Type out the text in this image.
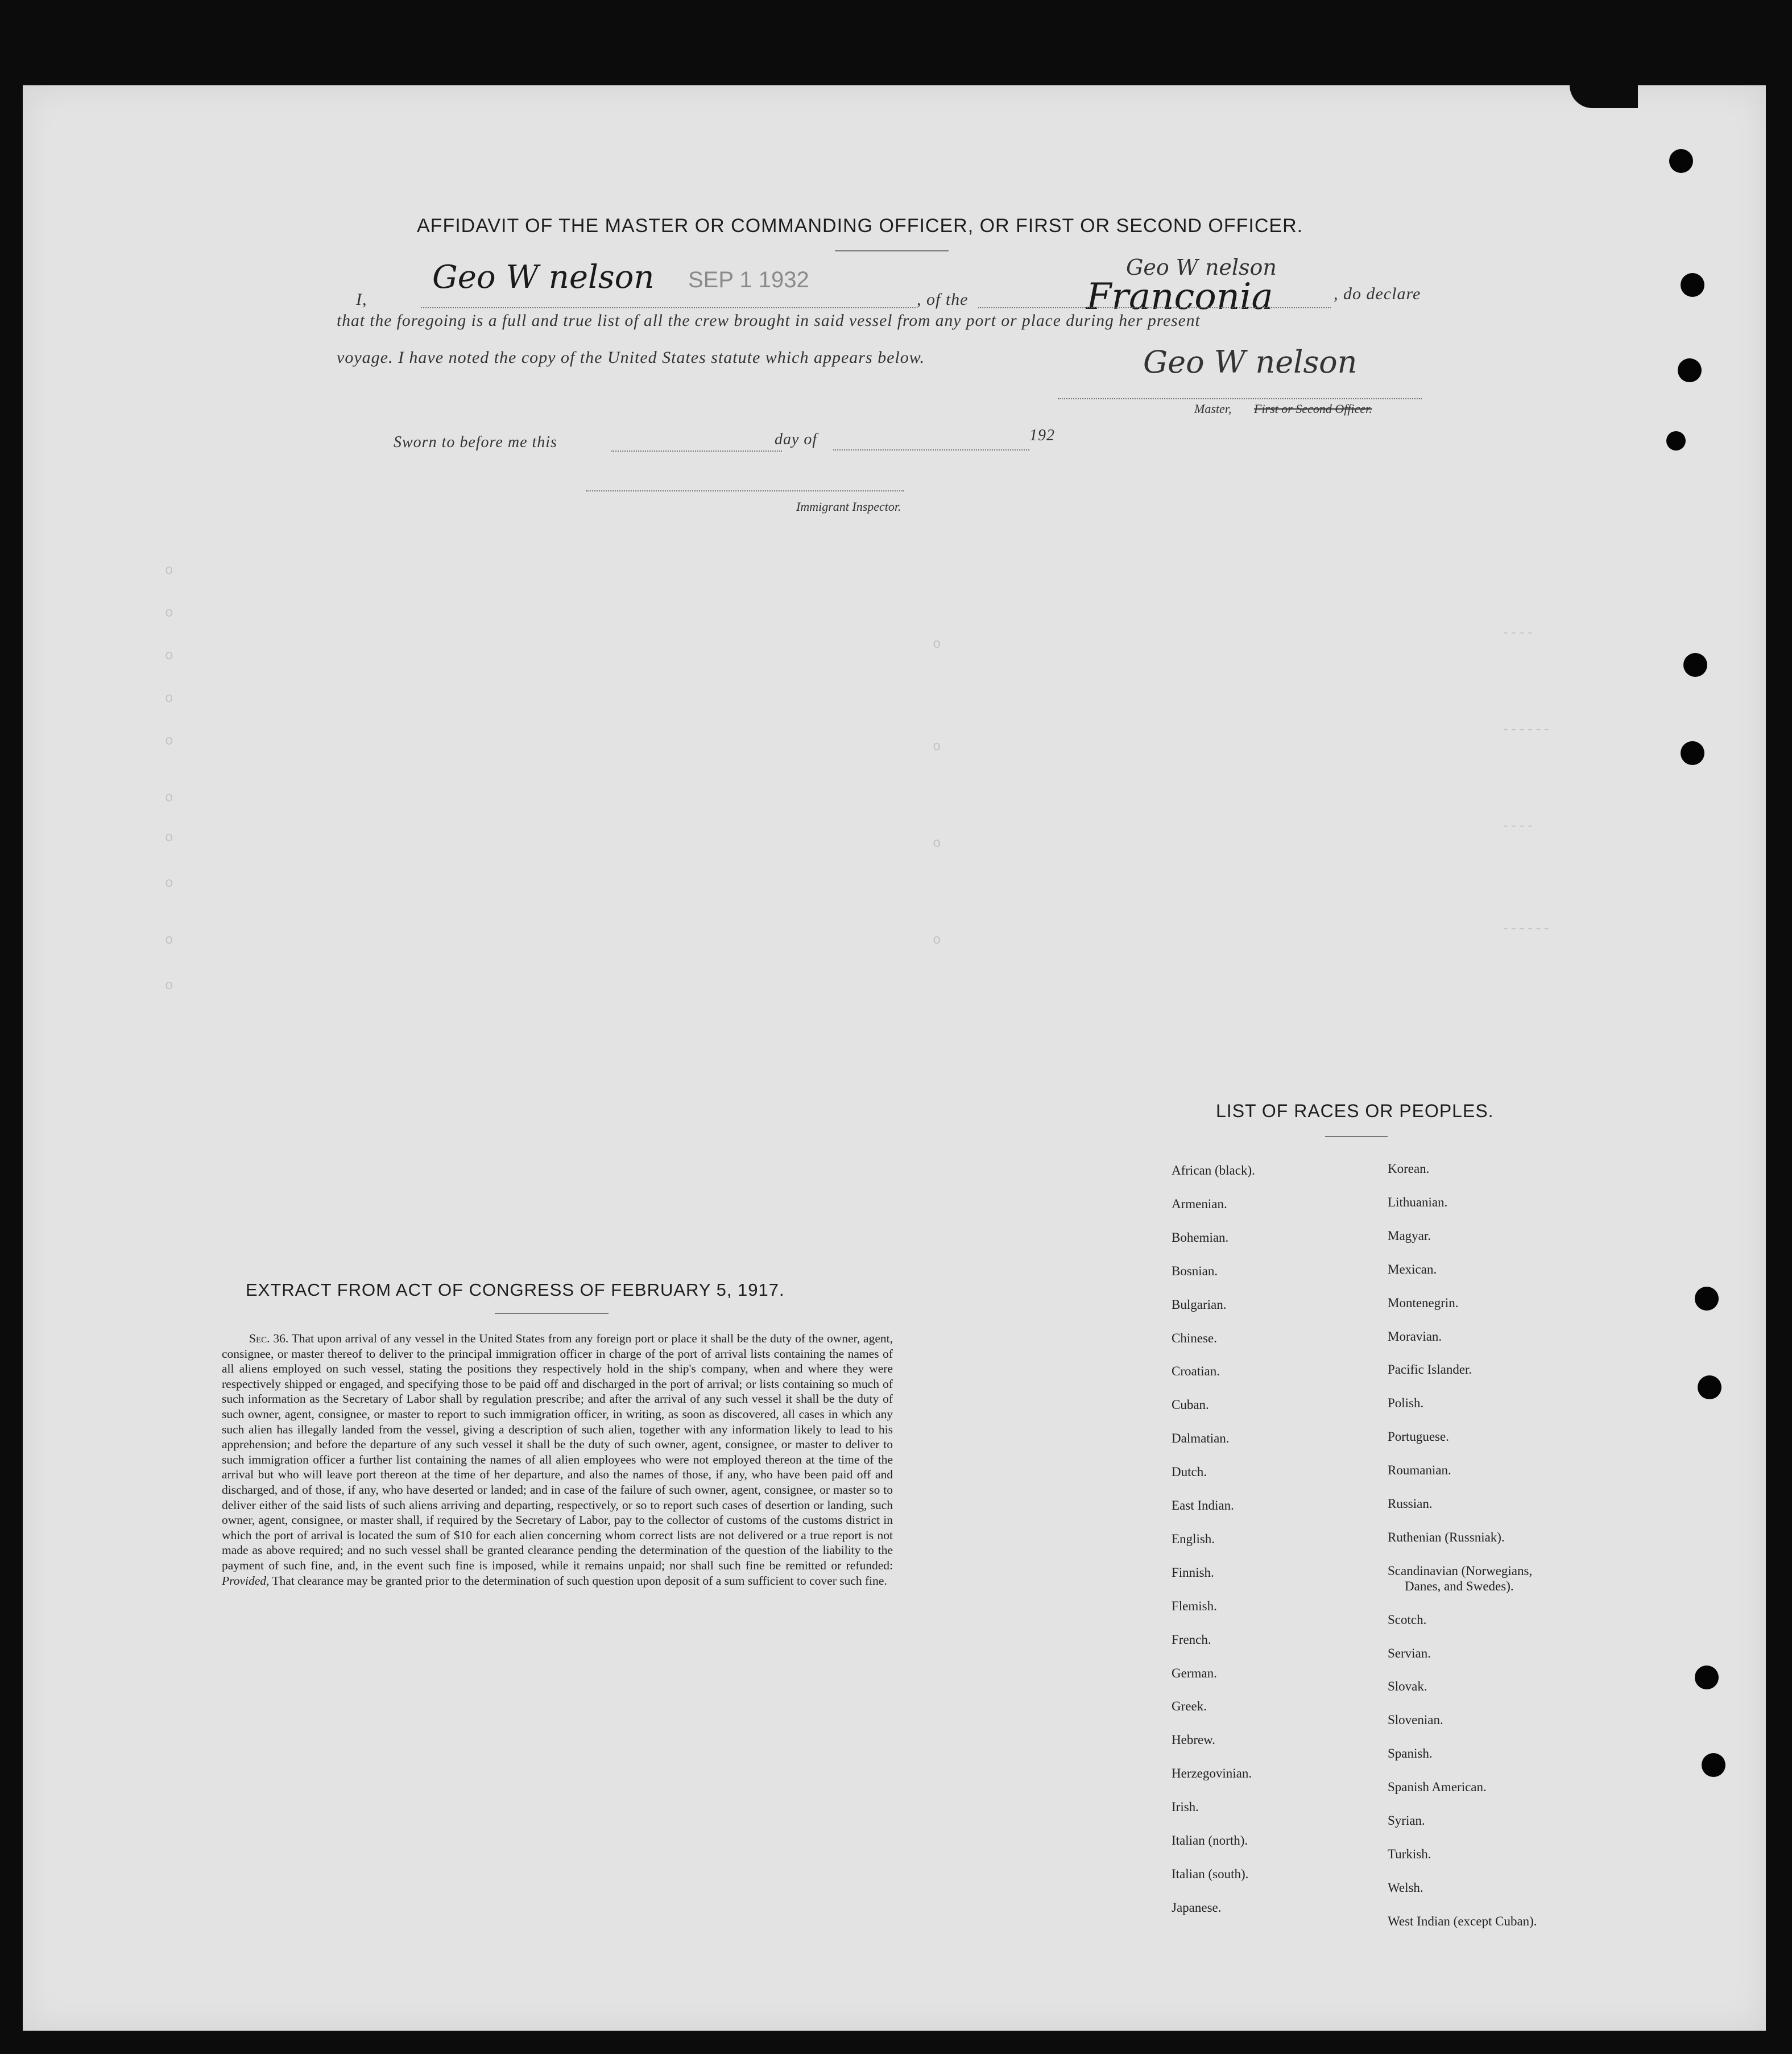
o
o
o
o
o
o
o
o
o
o
o
o
o
o
----
------
----
------
AFFIDAVIT OF THE MASTER OR COMMANDING OFFICER, OR FIRST OR SECOND OFFICER.
I,
Geo W nelson SEP 1 1932
, of the
Geo W nelson
Franconia	, do declare
that the foregoing is a full and true list of all the crew brought in said vessel from any port or place during her present
voyage. I have noted the copy of the United States statute which appears below.	Geo W nelson
Master, First or Second Officer.
Sworn to before me this	day of	192
Immigrant Inspector.
EXTRACT FROM ACT OF CONGRESS OF FEBRUARY 5, 1917.
Sec. 36. That upon arrival of any vessel in the United States from any foreign port or place it shall be the duty of the owner, agent, consignee, or master thereof to deliver to the principal immigration officer in charge of the port of arrival lists containing the names of all aliens employed on such vessel, stating the positions they respectively hold in the ship's company, when and where they were respectively shipped or engaged, and specifying those to be paid off and discharged in the port of arrival; or lists containing so much of such information as the Secretary of Labor shall by regulation prescribe; and after the arrival of any such vessel it shall be the duty of such owner, agent, consignee, or master to report to such immigration officer, in writing, as soon as discovered, all cases in which any such alien has illegally landed from the vessel, giving a description of such alien, together with any information likely to lead to his apprehension; and before the departure of any such vessel it shall be the duty of such owner, agent, consignee, or master to deliver to such immigration officer a further list containing the names of all alien employees who were not employed thereon at the time of the arrival but who will leave port thereon at the time of her departure, and also the names of those, if any, who have been paid off and discharged, and of those, if any, who have deserted or landed; and in case of the failure of such owner, agent, consignee, or master so to deliver either of the said lists of such aliens arriving and departing, respectively, or so to report such cases of desertion or landing, such owner, agent, consignee, or master shall, if required by the Secretary of Labor, pay to the collector of customs of the customs district in which the port of arrival is located the sum of $10 for each alien concerning whom correct lists are not delivered or a true report is not made as above required; and no such vessel shall be granted clearance pending the determination of the question of the liability to the payment of such fine, and, in the event such fine is imposed, while it remains unpaid; nor shall such fine be remitted or refunded: Provided, That clearance may be granted prior to the determination of such question upon deposit of a sum sufficient to cover such fine.
LIST OF RACES OR PEOPLES.
African (black).
Armenian.
Bohemian.
Bosnian.
Bulgarian.
Chinese.
Croatian.
Cuban.
Dalmatian.
Dutch.
East Indian.
English.
Finnish.
Flemish.
French.
German.
Greek.
Hebrew.
Herzegovinian.
Irish.
Italian (north).
Italian (south).
Japanese.
Korean.
Lithuanian.
Magyar.
Mexican.
Montenegrin.
Moravian.
Pacific Islander.
Polish.
Portuguese.
Roumanian.
Russian.
Ruthenian (Russniak).
Scandinavian (Norwegians,
Danes, and Swedes).
Scotch.
Servian.
Slovak.
Slovenian.
Spanish.
Spanish American.
Syrian.
Turkish.
Welsh.
West Indian (except Cuban).
